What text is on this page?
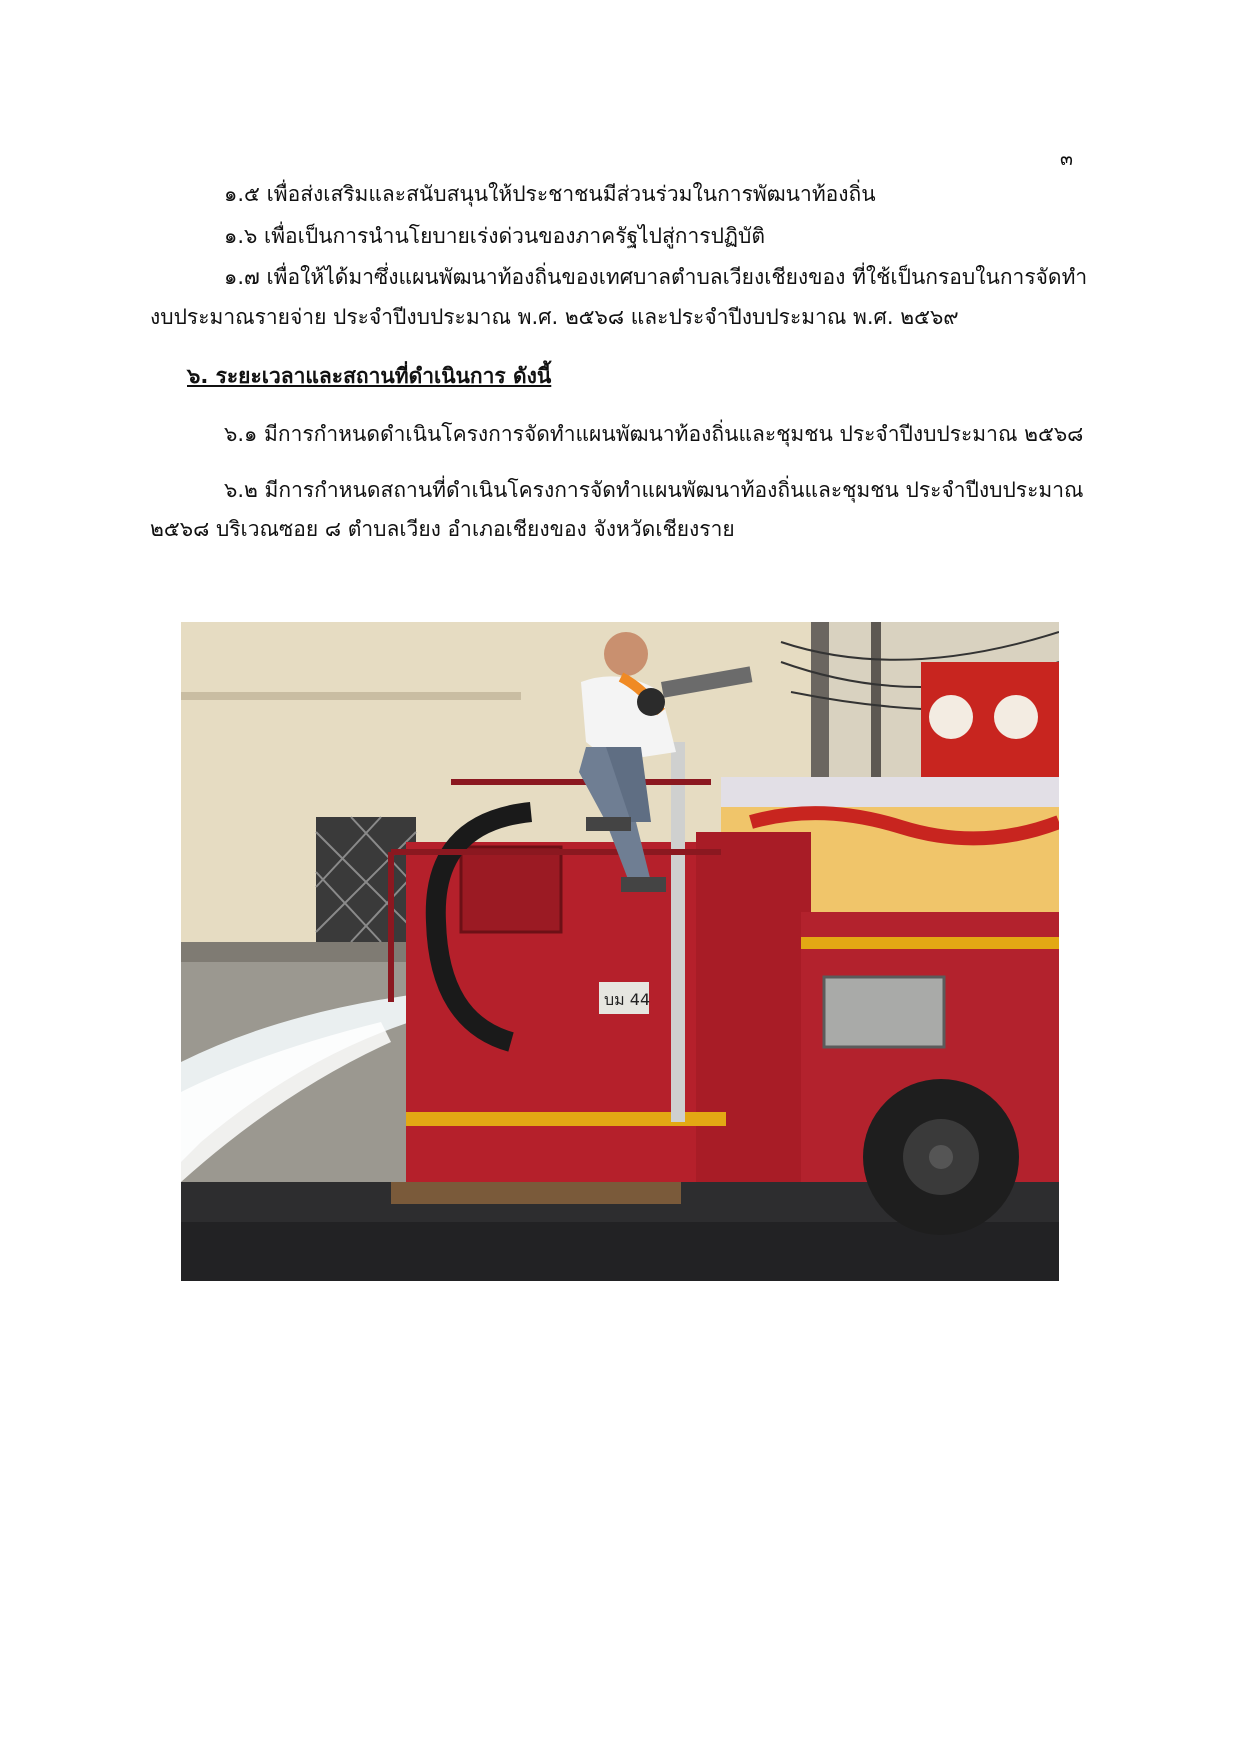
๓
๑.๕ เพื่อส่งเสริมและสนับสนุนให้ประชาชนมีส่วนร่วมในการพัฒนาท้องถิ่น
๑.๖ เพื่อเป็นการนำนโยบายเร่งด่วนของภาครัฐไปสู่การปฏิบัติ
๑.๗ เพื่อให้ได้มาซึ่งแผนพัฒนาท้องถิ่นของเทศบาลตำบลเวียงเชียงของ ที่ใช้เป็นกรอบในการจัดทำ
งบประมาณรายจ่าย ประจำปีงบประมาณ พ.ศ. ๒๕๖๘ และประจำปีงบประมาณ พ.ศ. ๒๕๖๙
๖. ระยะเวลาและสถานที่ดำเนินการ ดังนี้
๖.๑ มีการกำหนดดำเนินโครงการจัดทำแผนพัฒนาท้องถิ่นและชุมชน ประจำปีงบประมาณ ๒๕๖๘
๖.๒ มีการกำหนดสถานที่ดำเนินโครงการจัดทำแผนพัฒนาท้องถิ่นและชุมชน ประจำปีงบประมาณ
๒๕๖๘ บริเวณซอย ๘ ตำบลเวียง อำเภอเชียงของ จังหวัดเชียงราย
บม 44
